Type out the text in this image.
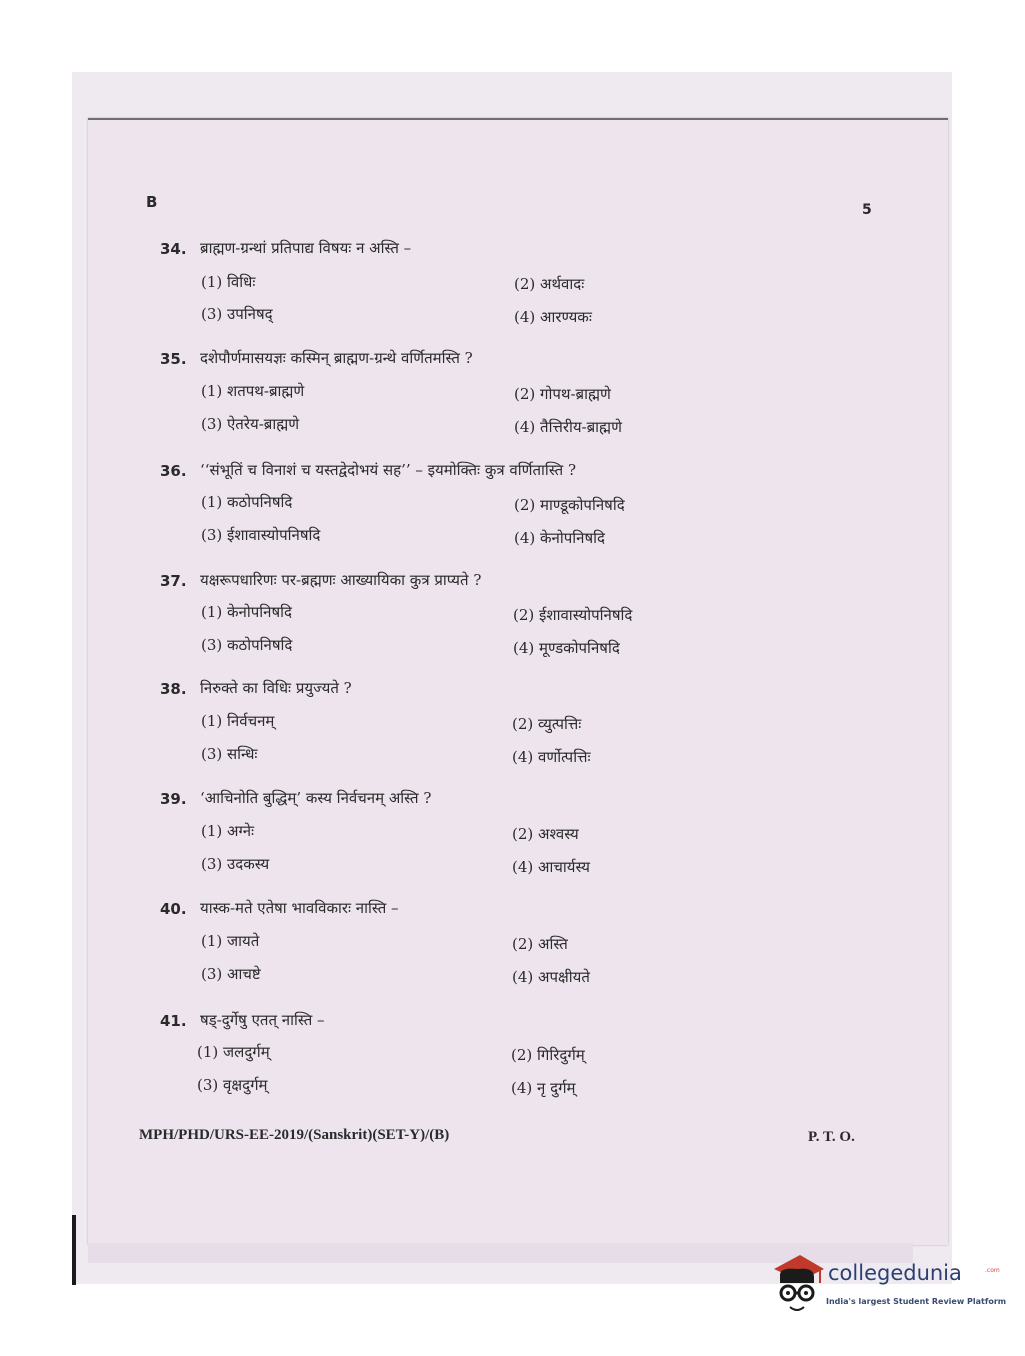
B	5
34. ब्राह्मण-ग्रन्थां प्रतिपाद्य विषयः न अस्ति –
(1) विधिः	(2) अर्थवादः
(3) उपनिषद्	(4) आरण्यकः
35. दशेपौर्णमासयज्ञः कस्मिन् ब्राह्मण-ग्रन्थे वर्णितमस्ति ?
(1) शतपथ-ब्राह्मणे	(2) गोपथ-ब्राह्मणे
(3) ऐतरेय-ब्राह्मणे	(4) तैत्तिरीय-ब्राह्मणे
36. ‘‘संभूतिं च विनाशं च यस्तद्वेदोभयं सह’’ – इयमोक्तिः कुत्र वर्णितास्ति ?
(1) कठोपनिषदि	(2) माण्डूकोपनिषदि
(3) ईशावास्योपनिषदि	(4) केनोपनिषदि
37. यक्षरूपधारिणः पर-ब्रह्मणः आख्यायिका कुत्र प्राप्यते ?
(1) केनोपनिषदि	(2) ईशावास्योपनिषदि
(3) कठोपनिषदि	(4) मूण्डकोपनिषदि
38. निरुक्ते का विधिः प्रयुज्यते ?
(1) निर्वचनम्	(2) व्युत्पत्तिः
(3) सन्धिः	(4) वर्णोत्पत्तिः
39. ‘आचिनोति बुद्धिम्’ कस्य निर्वचनम् अस्ति ?
(1) अग्नेः	(2) अश्वस्य
(3) उदकस्य	(4) आचार्यस्य
40. यास्क-मते एतेषा भावविकारः नास्ति –
(1) जायते	(2) अस्ति
(3) आचष्टे	(4) अपक्षीयते
41. षड्-दुर्गेषु एतत् नास्ति –
(1) जलदुर्गम्	(2) गिरिदुर्गम्
(3) वृक्षदुर्गम्	(4) नृ दुर्गम्
MPH/PHD/URS-EE-2019/(Sanskrit)(SET-Y)/(B)	P. T. O.
collegedunia	.com
India's largest Student Review Platform
